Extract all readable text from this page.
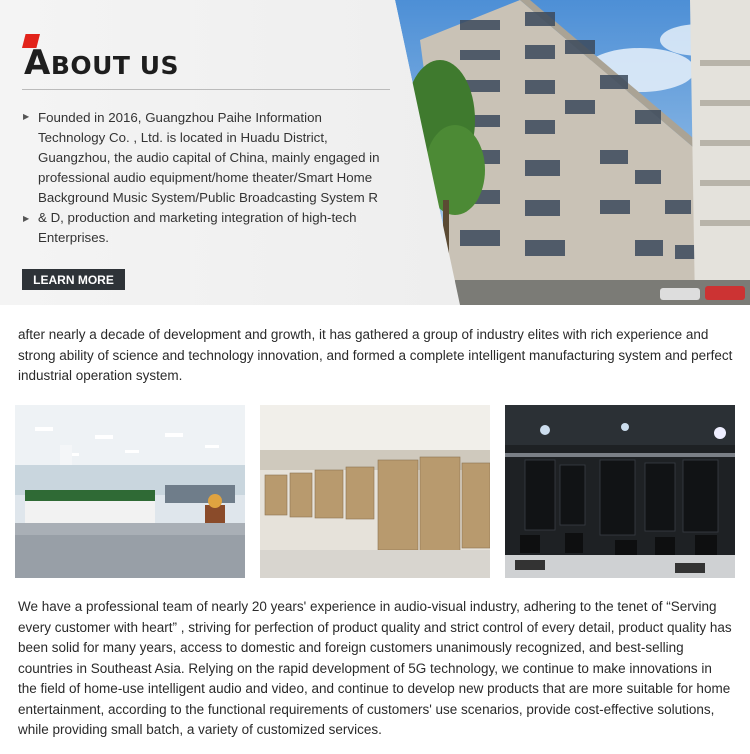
ABOUT US
▶
▶
Founded in 2016, Guangzhou Paihe Information Technology Co. , Ltd. is located in Huadu District, Guangzhou, the audio capital of China, mainly engaged in professional audio equipment/home theater/Smart Home Background Music System/Public Broadcasting System R & D, production and marketing integration of high-tech Enterprises.
LEARN MORE

after nearly a decade of development and growth, it has gathered a group of industry elites with rich experience and strong ability of science and technology innovation, and formed a complete intelligent manufacturing system and perfect industrial operation system.

We have a professional team of nearly 20 years' experience in audio-visual industry, adhering to the tenet of “Serving every customer with heart” , striving for perfection of product quality and strict control of every detail, product quality has been solid for many years, access to domestic and foreign customers unanimously recognized, and best-selling countries in Southeast Asia. Relying on the rapid development of 5G technology, we continue to make innovations in the field of home-use intelligent audio and video, and continue to develop new products that are more suitable for home entertainment, according to the functional requirements of customers' use scenarios, provide cost-effective solutions, while providing small batch, a variety of customized services.
